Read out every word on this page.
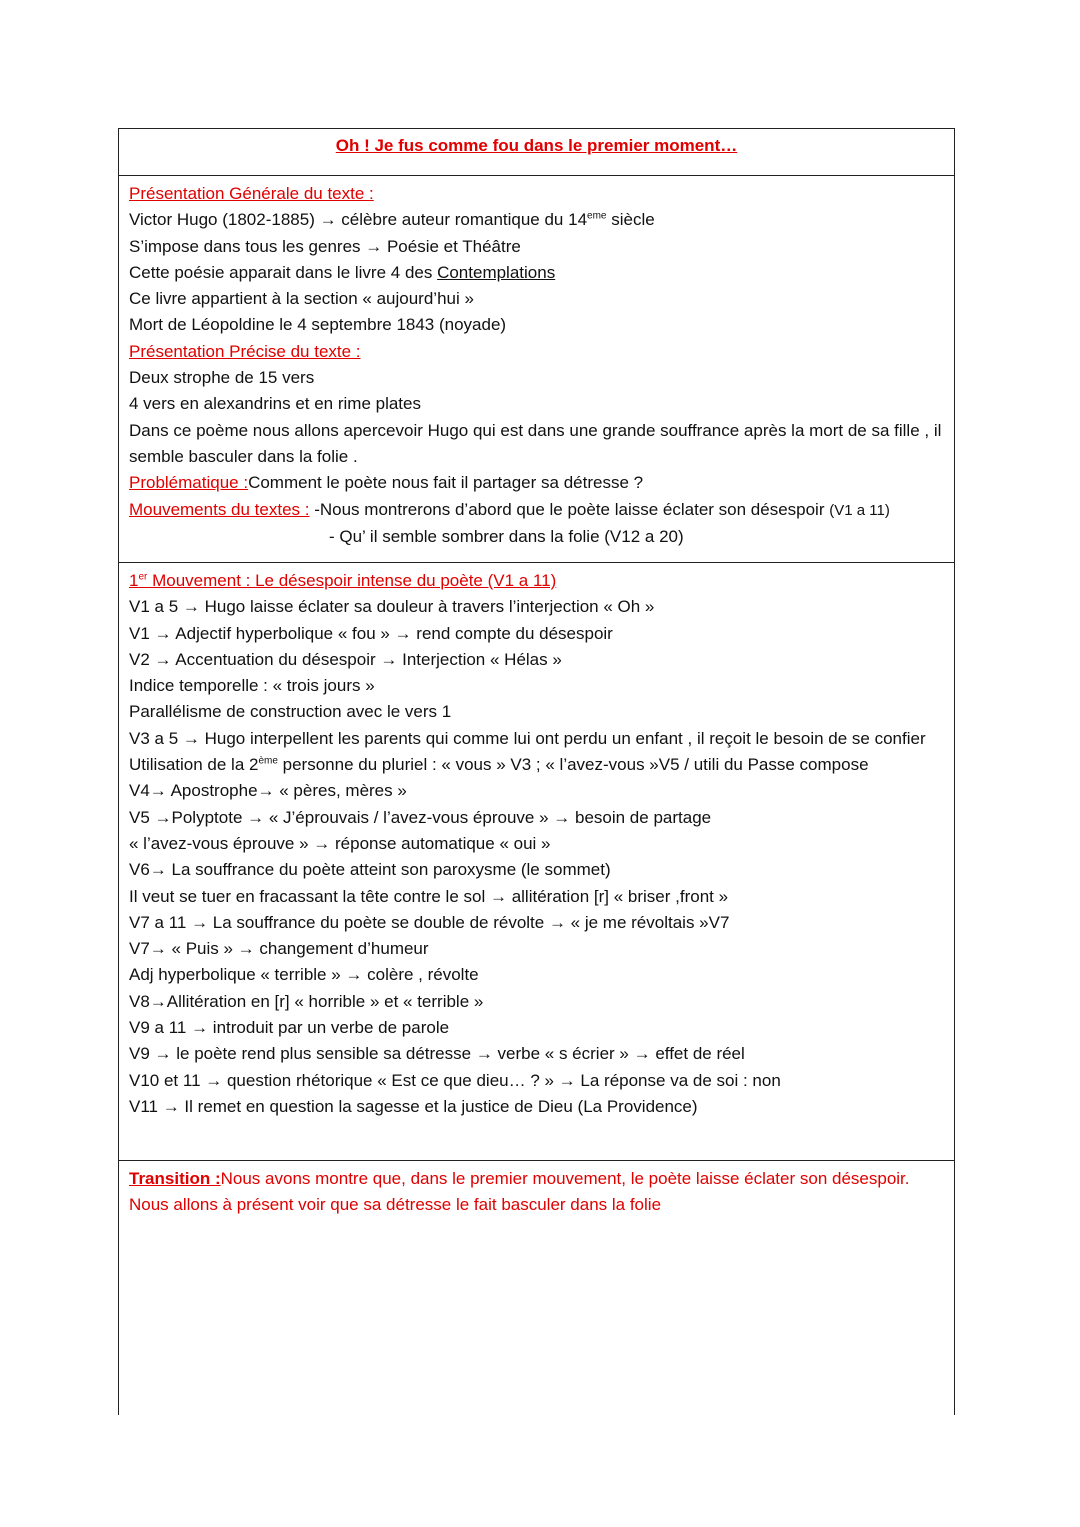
Oh ! Je fus comme fou dans le premier moment…
Présentation Générale du texte :
Victor Hugo (1802-1885) → célèbre auteur romantique du 14eme siècle
S’impose dans tous les genres → Poésie et Théâtre
Cette poésie apparait dans le livre 4 des Contemplations
Ce livre appartient à la section « aujourd’hui »
Mort de Léopoldine le 4 septembre 1843 (noyade)
Présentation Précise du texte :
Deux strophe de 15 vers
4 vers en alexandrins et en rime plates
Dans ce poème nous allons apercevoir Hugo qui est dans une grande souffrance après la mort de sa fille , il semble basculer dans la folie .
Problématique :Comment le poète nous fait il partager sa détresse ?
Mouvements du textes : -Nous montrerons d’abord que le poète laisse éclater son désespoir (V1 a 11)
- Qu’ il semble sombrer dans la folie (V12 a 20)
1er Mouvement : Le désespoir intense du poète (V1 a 11)
V1 a 5 → Hugo laisse éclater sa douleur à travers l’interjection « Oh »
V1 → Adjectif hyperbolique « fou » → rend compte du désespoir
V2 → Accentuation du désespoir → Interjection « Hélas »
Indice temporelle : « trois jours »
Parallélisme de construction avec le vers 1
V3 a 5 → Hugo interpellent les parents qui comme lui ont perdu un enfant , il reçoit le besoin de se confier
Utilisation de la 2ème personne du pluriel : « vous » V3 ; « l’avez-vous »V5 / utili du Passe compose
V4→ Apostrophe→ « pères, mères »
V5 →Polyptote → « J’éprouvais / l’avez-vous éprouve » → besoin de partage
« l’avez-vous éprouve » → réponse automatique « oui »
V6→ La souffrance du poète atteint son paroxysme (le sommet)
Il veut se tuer en fracassant la tête contre le sol → allitération [r] « briser ,front »
V7 a 11 → La souffrance du poète se double de révolte → « je me révoltais »V7
V7→ « Puis » → changement d’humeur
Adj hyperbolique « terrible » → colère , révolte
V8→Allitération en [r] « horrible » et « terrible »
V9 a 11 → introduit par un verbe de parole
V9 → le poète rend plus sensible sa détresse → verbe « s écrier » → effet de réel
V10 et 11 → question rhétorique « Est ce que dieu… ? » → La réponse va de soi : non
V11 → Il remet en question la sagesse et la justice de Dieu (La Providence)
Transition :Nous avons montre que, dans le premier mouvement, le poète laisse éclater son désespoir. Nous allons à présent voir que sa détresse le fait basculer dans la folie
